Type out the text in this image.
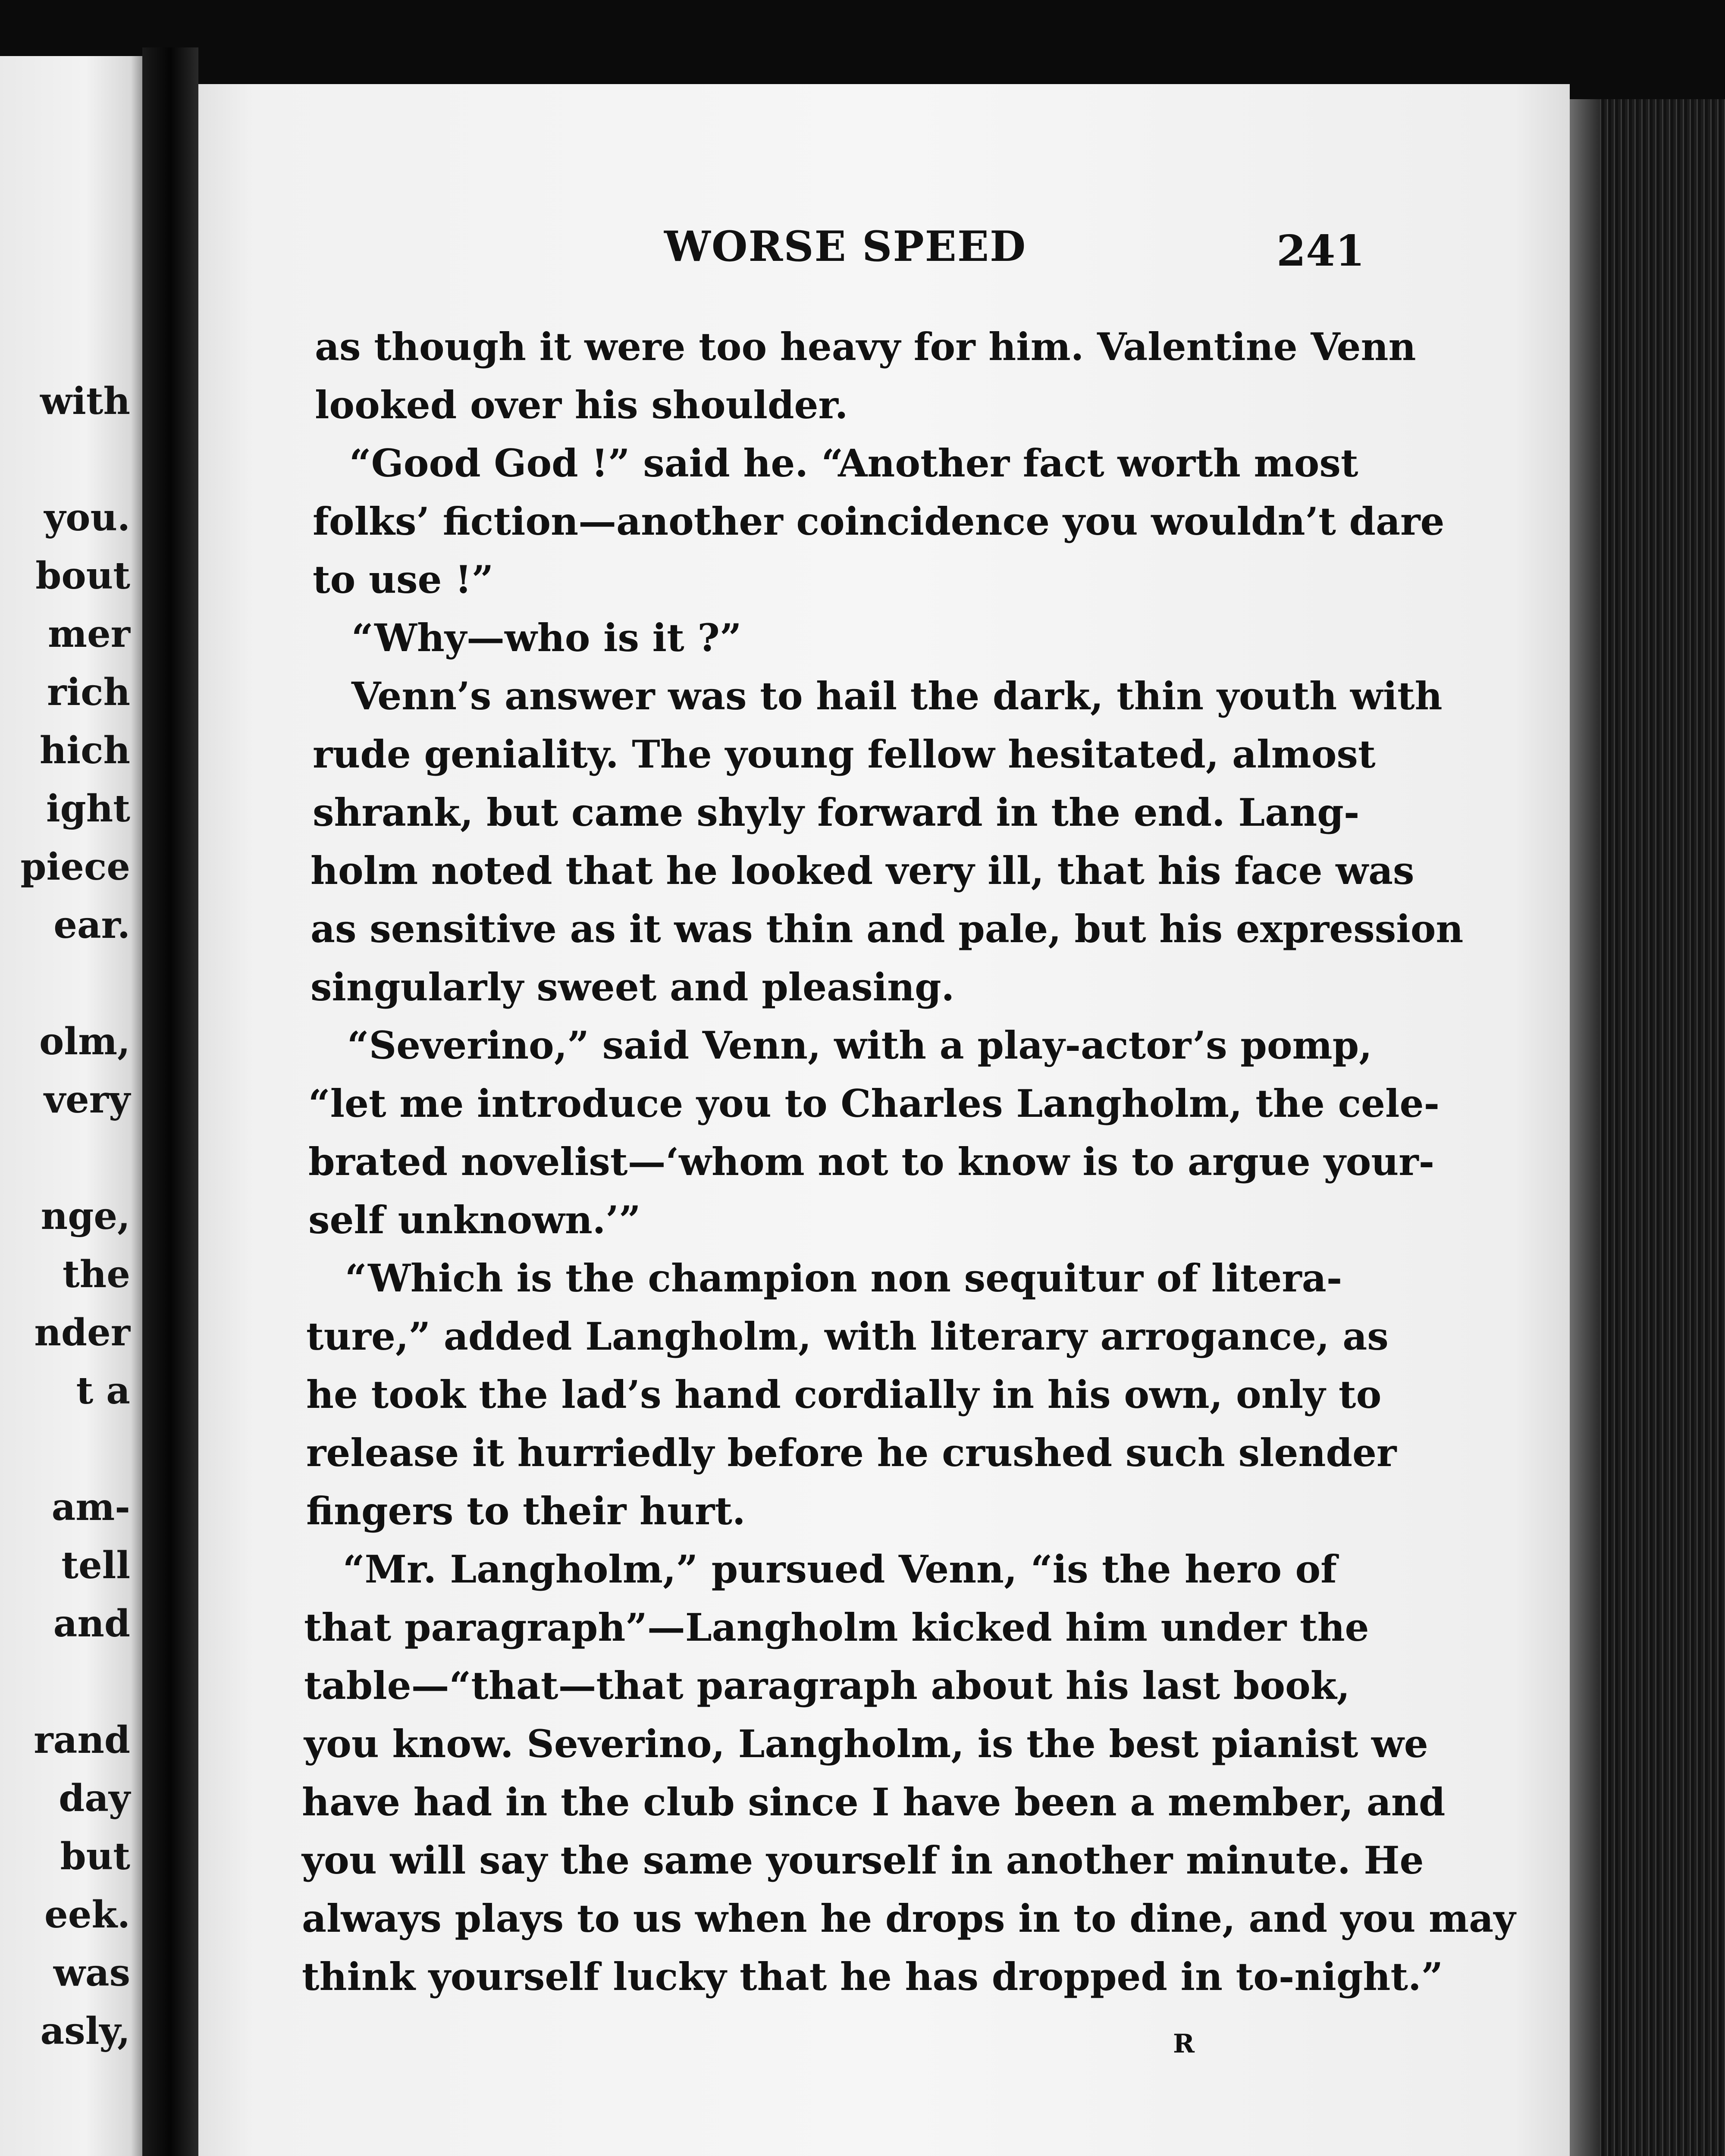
with

you.

bout

mer

rich

hich

ight

piece

ear.

olm,

very

nge,

the

nder

t a

am-

tell

and

rand

day

but

eek.

was

asly,

WORSE SPEED	241

as though it were too heavy for him. Valentine Venn

looked over his shoulder.

“Good God !” said he. “Another fact worth most

folks’ fiction—another coincidence you wouldn’t dare

to use !”

“Why—who is it ?”

Venn’s answer was to hail the dark, thin youth with

rude geniality. The young fellow hesitated, almost

shrank, but came shyly forward in the end. Lang-

holm noted that he looked very ill, that his face was

as sensitive as it was thin and pale, but his expression

singularly sweet and pleasing.

“Severino,” said Venn, with a play-actor’s pomp,

“let me introduce you to Charles Langholm, the cele-

brated novelist—‘whom not to know is to argue your-

self unknown.’”

“Which is the champion non sequitur of litera-

ture,” added Langholm, with literary arrogance, as

he took the lad’s hand cordially in his own, only to

release it hurriedly before he crushed such slender

fingers to their hurt.

“Mr. Langholm,” pursued Venn, “is the hero of

that paragraph”—Langholm kicked him under the

table—“that—that paragraph about his last book,

you know. Severino, Langholm, is the best pianist we

have had in the club since I have been a member, and

you will say the same yourself in another minute. He

always plays to us when he drops in to dine, and you may

think yourself lucky that he has dropped in to-night.”

R
